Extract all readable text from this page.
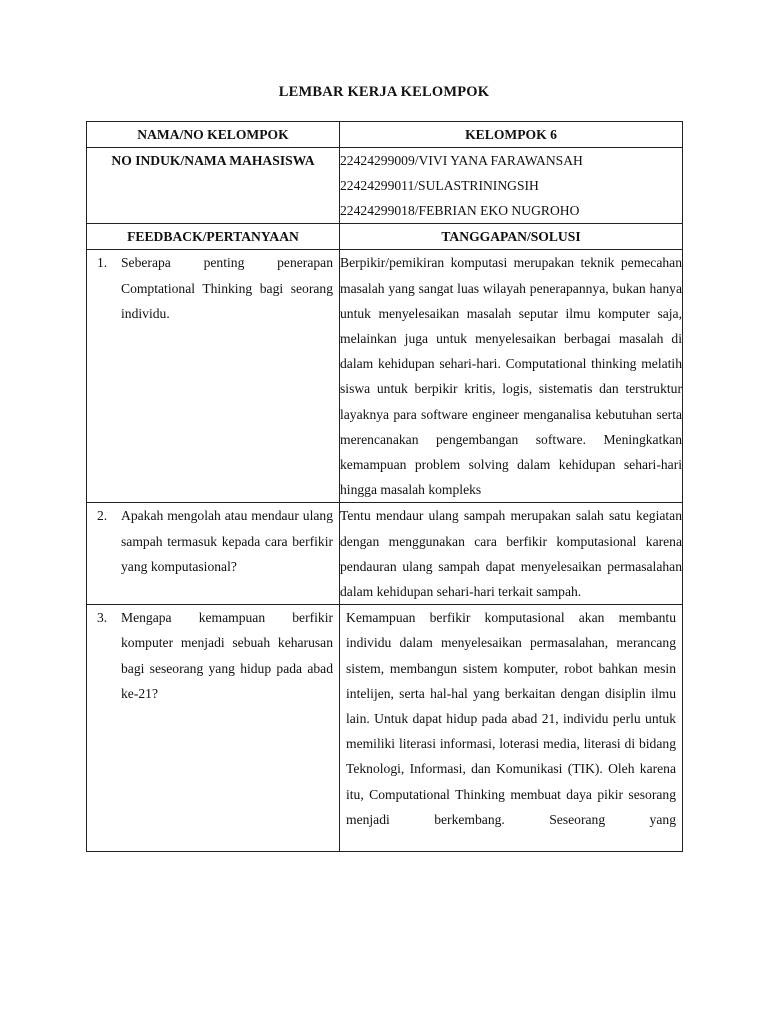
LEMBAR KERJA KELOMPOK
NAMA/NO KELOMPOK	KELOMPOK 6
NO INDUK/NAMA MAHASISWA	22424299009/VIVI YANA FARAWANSAH
22424299011/SULASTRININGSIH
22424299018/FEBRIAN EKO NUGROHO

FEEDBACK/PERTANYAAN	TANGGAPAN/SOLUSI

1. Seberapa penting penerapan Comptational Thinking bagi seorang individu.	Berpikir/pemikiran komputasi merupakan teknik pemecahan masalah yang sangat luas wilayah penerapannya, bukan hanya untuk menyelesaikan masalah seputar ilmu komputer saja, melainkan juga untuk menyelesaikan berbagai masalah di dalam kehidupan sehari-hari. Computational thinking melatih siswa untuk berpikir kritis, logis, sistematis dan terstruktur layaknya para software engineer menganalisa kebutuhan serta merencanakan pengembangan software. Meningkatkan kemampuan problem solving dalam kehidupan sehari-hari hingga masalah kompleks

2. Apakah mengolah atau mendaur ulang sampah termasuk kepada cara berfikir yang komputasional?	Tentu mendaur ulang sampah merupakan salah satu kegiatan dengan menggunakan cara berfikir komputasional karena pendauran ulang sampah dapat menyelesaikan permasalahan dalam kehidupan sehari-hari terkait sampah.

3. Mengapa kemampuan berfikir komputer menjadi sebuah keharusan bagi seseorang yang hidup pada abad ke-21?	Kemampuan berfikir komputasional akan membantu individu dalam menyelesaikan permasalahan, merancang sistem, membangun sistem komputer, robot bahkan mesin intelijen, serta hal-hal yang berkaitan dengan disiplin ilmu lain. Untuk dapat hidup pada abad 21, individu perlu untuk memiliki literasi informasi, loterasi media, literasi di bidang Teknologi, Informasi, dan Komunikasi (TIK). Oleh karena itu, Computational Thinking membuat daya pikir sesorang menjadi berkembang. Seseorang yang
